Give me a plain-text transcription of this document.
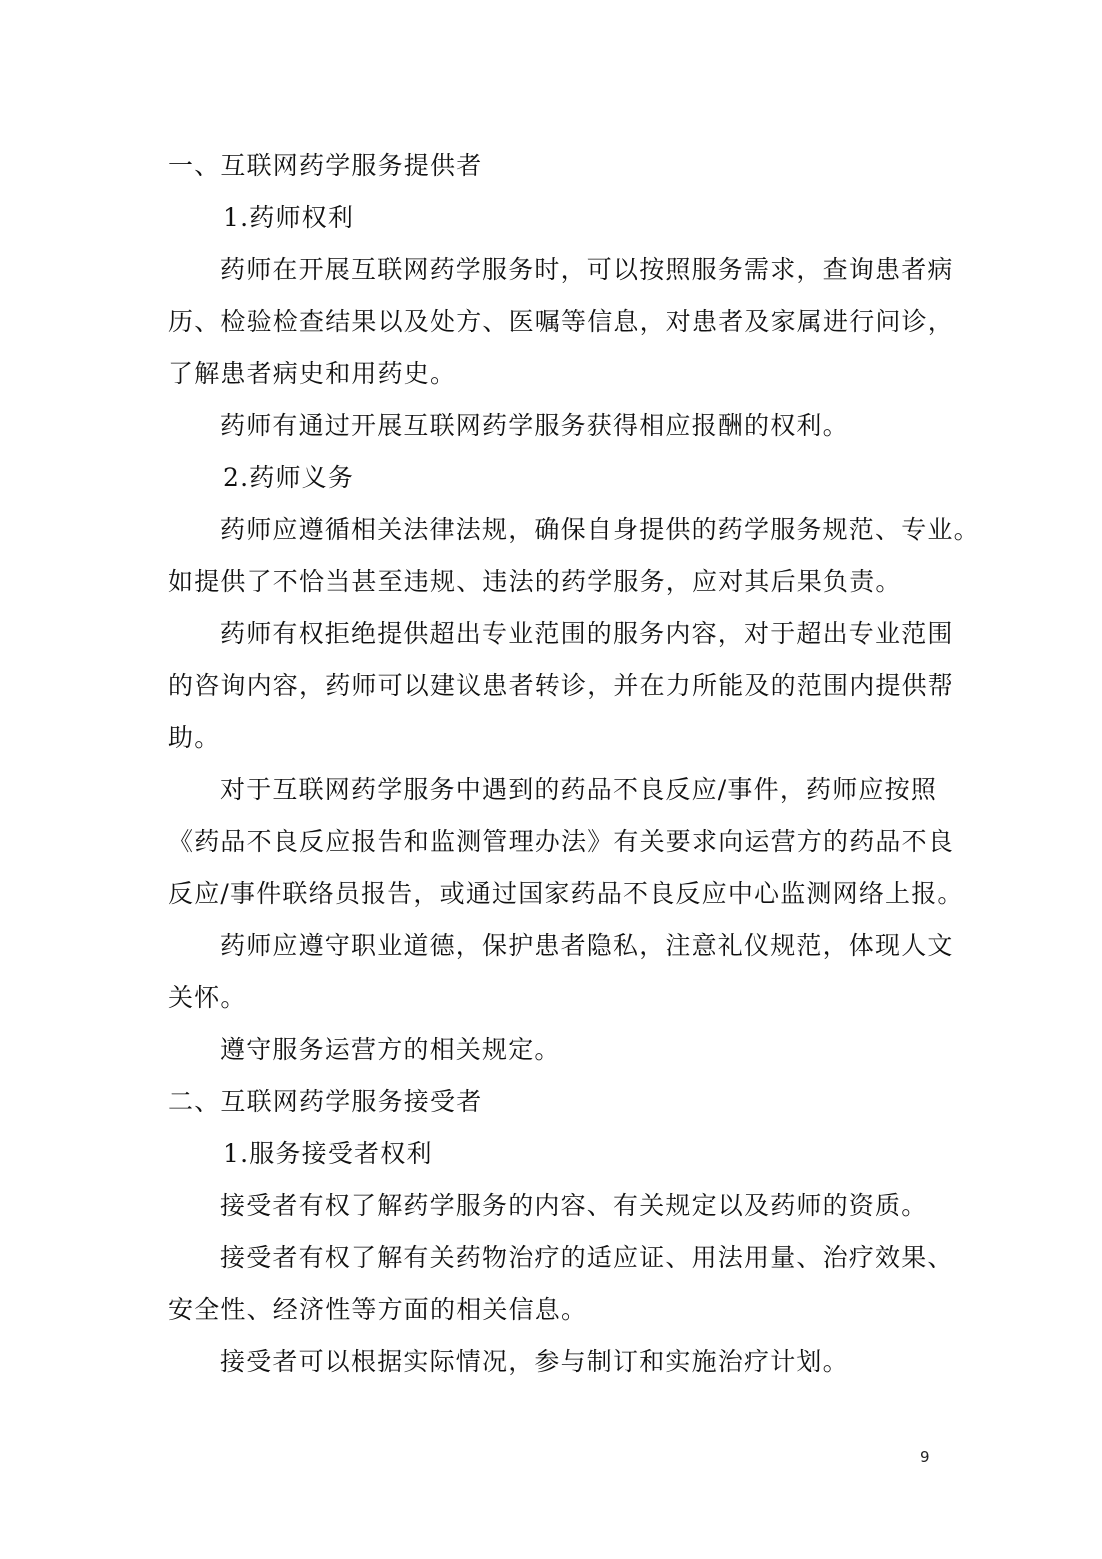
一、互联网药学服务提供者
1.药师权利
药师在开展互联网药学服务时，可以按照服务需求，查询患者病
历、检验检查结果以及处方、医嘱等信息，对患者及家属进行问诊，
了解患者病史和用药史。
药师有通过开展互联网药学服务获得相应报酬的权利。
2.药师义务
药师应遵循相关法律法规，确保自身提供的药学服务规范、专业。
如提供了不恰当甚至违规、违法的药学服务，应对其后果负责。
药师有权拒绝提供超出专业范围的服务内容，对于超出专业范围
的咨询内容，药师可以建议患者转诊，并在力所能及的范围内提供帮
助。
对于互联网药学服务中遇到的药品不良反应/事件，药师应按照
《药品不良反应报告和监测管理办法》有关要求向运营方的药品不良
反应/事件联络员报告，或通过国家药品不良反应中心监测网络上报。
药师应遵守职业道德，保护患者隐私，注意礼仪规范，体现人文
关怀。
遵守服务运营方的相关规定。
二、互联网药学服务接受者
1.服务接受者权利
接受者有权了解药学服务的内容、有关规定以及药师的资质。
接受者有权了解有关药物治疗的适应证、用法用量、治疗效果、
安全性、经济性等方面的相关信息。
接受者可以根据实际情况，参与制订和实施治疗计划。
9
